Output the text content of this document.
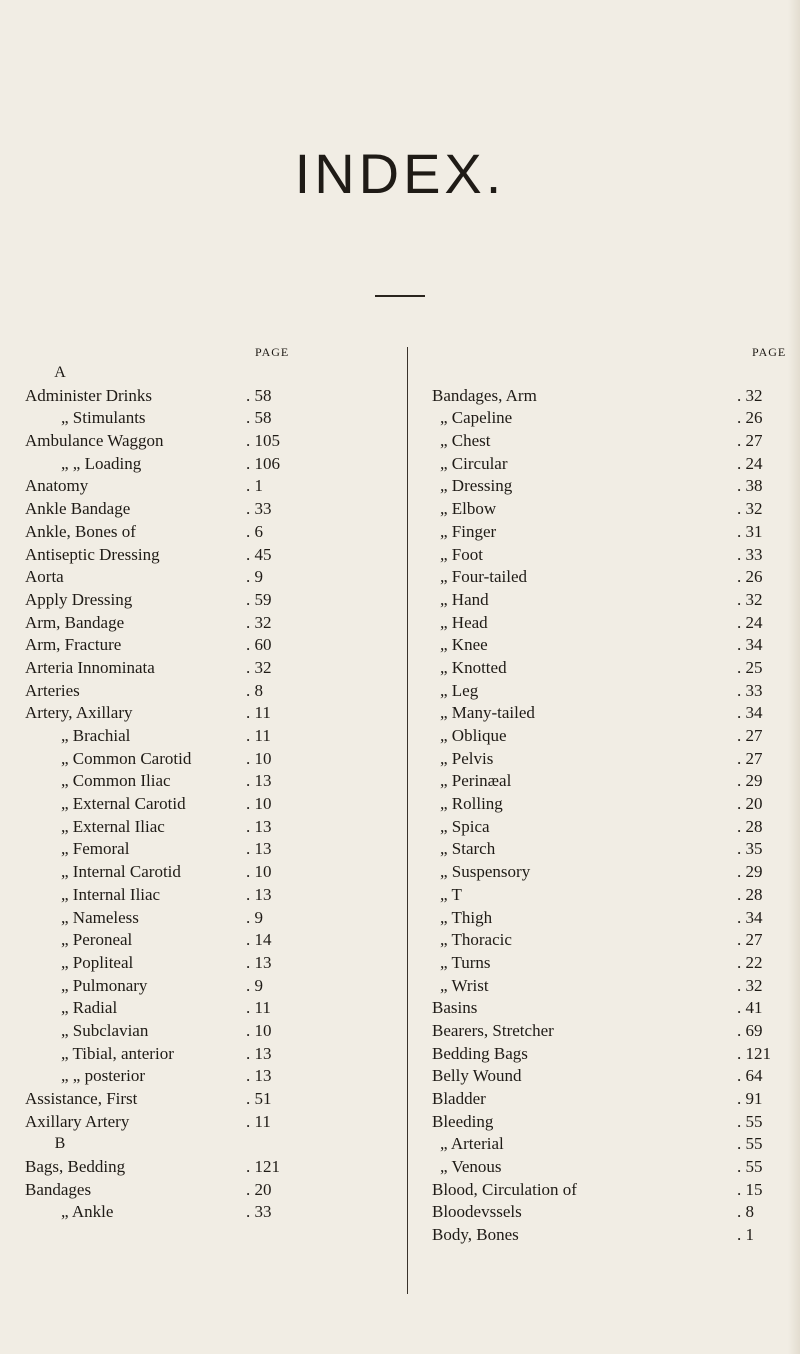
INDEX.
PAGE
A
Administer Drinks	. 58
„ Stimulants	. 58
Ambulance Waggon	. 105
„ „ Loading	. 106
Anatomy	. 1
Ankle Bandage	. 33
Ankle, Bones of	. 6
Antiseptic Dressing	. 45
Aorta	. 9
Apply Dressing	. 59
Arm, Bandage	. 32
Arm, Fracture	. 60
Arteria Innominata	. 32
Arteries	. 8
Artery, Axillary	. 11
„ Brachial	. 11
„ Common Carotid	. 10
„ Common Iliac	. 13
„ External Carotid	. 10
„ External Iliac	. 13
„ Femoral	. 13
„ Internal Carotid	. 10
„ Internal Iliac	. 13
„ Nameless	. 9
„ Peroneal	. 14
„ Popliteal	. 13
„ Pulmonary	. 9
„ Radial	. 11
„ Subclavian	. 10
„ Tibial, anterior	. 13
„ „ posterior	. 13
Assistance, First	. 51
Axillary Artery	. 11
B
Bags, Bedding	. 121
Bandages	. 20
„ Ankle	. 33
PAGE
Bandages, Arm	. 32
„ Capeline	. 26
„ Chest	. 27
„ Circular	. 24
„ Dressing	. 38
„ Elbow	. 32
„ Finger	. 31
„ Foot	. 33
„ Four-tailed	. 26
„ Hand	. 32
„ Head	. 24
„ Knee	. 34
„ Knotted	. 25
„ Leg	. 33
„ Many-tailed	. 34
„ Oblique	. 27
„ Pelvis	. 27
„ Perinæal	. 29
„ Rolling	. 20
„ Spica	. 28
„ Starch	. 35
„ Suspensory	. 29
„ T	. 28
„ Thigh	. 34
„ Thoracic	. 27
„ Turns	. 22
„ Wrist	. 32
Basins	. 41
Bearers, Stretcher	. 69
Bedding Bags	. 121
Belly Wound	. 64
Bladder	. 91
Bleeding	. 55
„ Arterial	. 55
„ Venous	. 55
Blood, Circulation of	. 15
Bloodevssels	. 8
Body, Bones	. 1
